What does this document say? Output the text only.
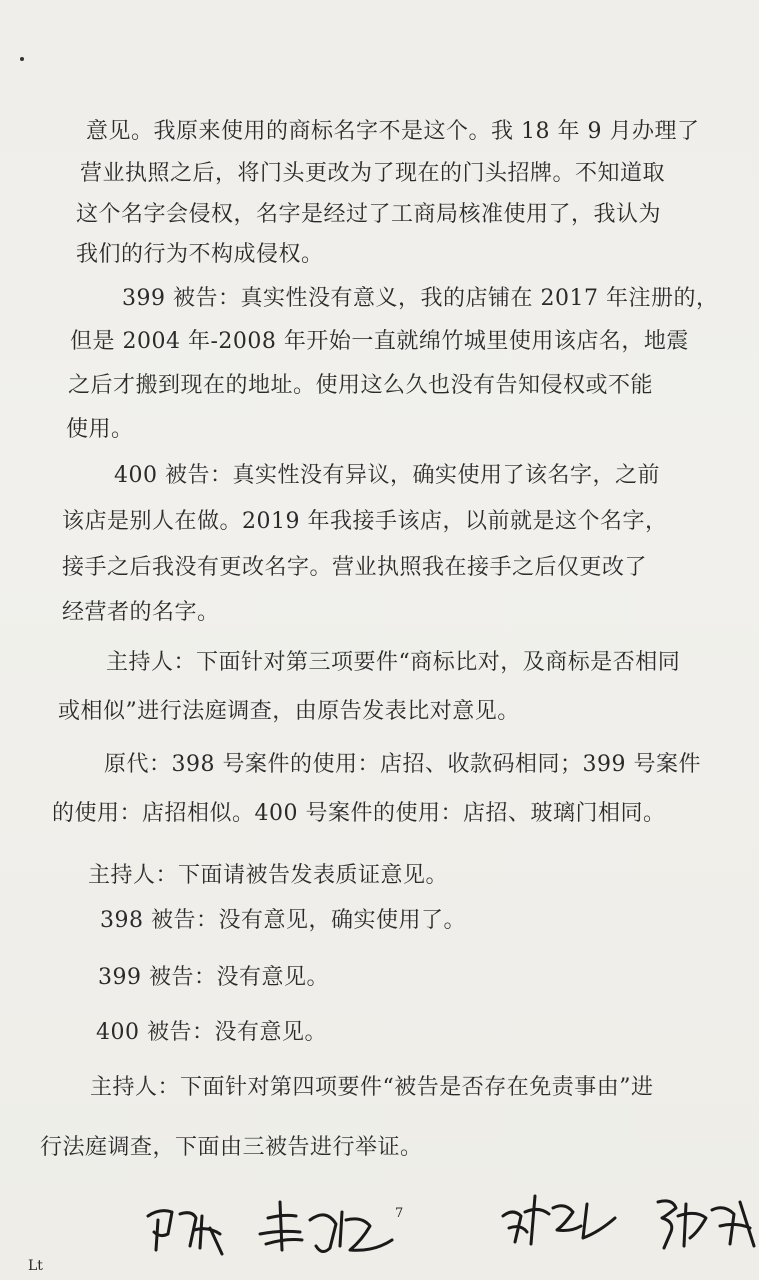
意见。我原来使用的商标名字不是这个。我 18 年 9 月办理了
营业执照之后，将门头更改为了现在的门头招牌。不知道取
这个名字会侵权，名字是经过了工商局核准使用了，我认为
我们的行为不构成侵权。
399 被告：真实性没有意义，我的店铺在 2017 年注册的，
但是 2004 年-2008 年开始一直就绵竹城里使用该店名，地震
之后才搬到现在的地址。使用这么久也没有告知侵权或不能
使用。
400 被告：真实性没有异议，确实使用了该名字，之前
该店是别人在做。2019 年我接手该店，以前就是这个名字，
接手之后我没有更改名字。营业执照我在接手之后仅更改了
经营者的名字。
主持人：下面针对第三项要件“商标比对，及商标是否相同
或相似”进行法庭调查，由原告发表比对意见。
原代：398 号案件的使用：店招、收款码相同；399 号案件
的使用：店招相似。400 号案件的使用：店招、玻璃门相同。
主持人：下面请被告发表质证意见。
398 被告：没有意见，确实使用了。
399 被告：没有意见。
400 被告：没有意见。
主持人：下面针对第四项要件“被告是否存在免责事由”进
行法庭调查，下面由三被告进行举证。
7
Lt
